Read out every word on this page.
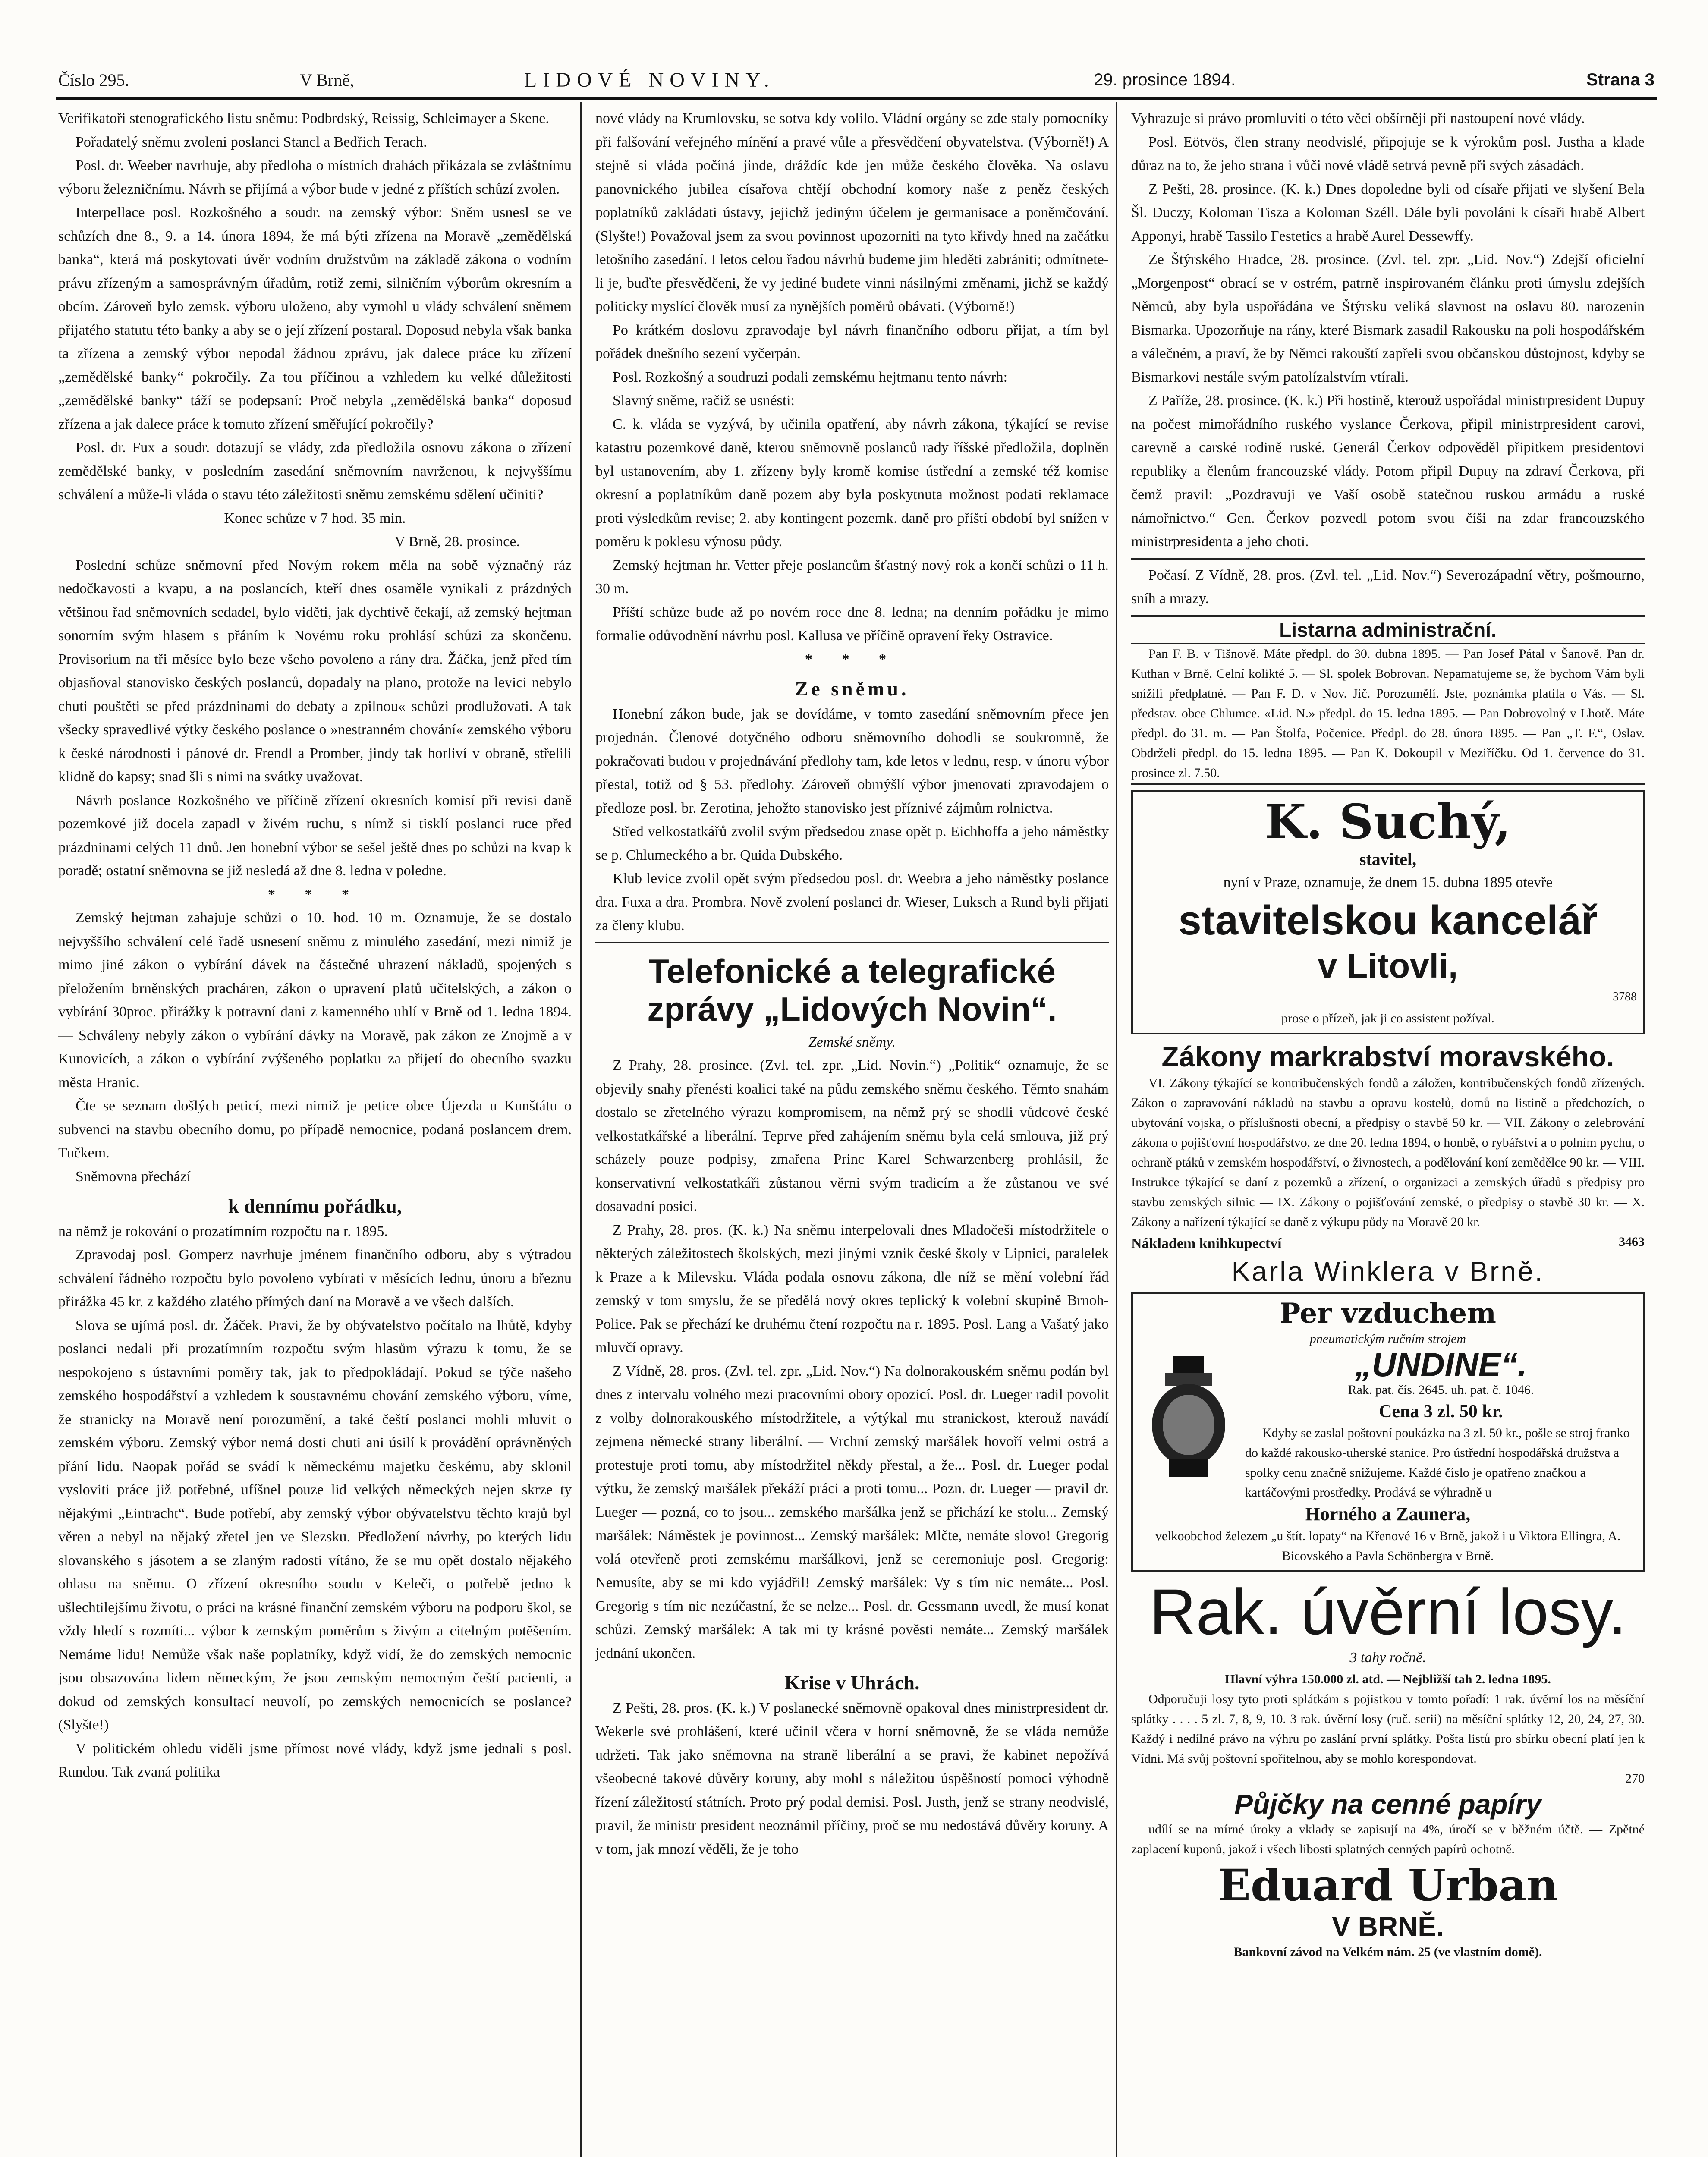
Číslo 295.	V Brně,	LIDOVÉ NOVINY.	29. prosince 1894.	Strana 3

Verifikatoři stenografického listu sněmu: Podbrdský, Reissig, Schleimayer a Skene.

Pořadatelý sněmu zvoleni poslanci Stancl a Bedřich Terach.

Posl. dr. Weeber navrhuje, aby předloha o místních drahách přikázala se zvláštnímu výboru železničnímu. Návrh se přijímá a výbor bude v jedné z příštích schůzí zvolen.

Interpellace posl. Rozkošného a soudr. na zemský výbor: Sněm usnesl se ve schůzích dne 8., 9. a 14. února 1894, že má býti zřízena na Moravě „zemědělská banka“, která má poskytovati úvěr vodním družstvům na základě zákona o vodním právu zřízeným a samosprávným úřadům, rotiž zemi, silničním výborům okresním a obcím. Zároveň bylo zemsk. výboru uloženo, aby vymohl u vlády schválení sněmem přijatého statutu této banky a aby se o její zřízení postaral. Doposud nebyla však banka ta zřízena a zemský výbor nepodal žádnou zprávu, jak dalece práce ku zřízení „zemědělské banky“ pokročily. Za tou příčinou a vzhledem ku velké důležitosti „zemědělské banky“ táží se podepsaní: Proč nebyla „zemědělská banka“ doposud zřízena a jak dalece práce k tomuto zřízení směřující pokročily?

Posl. dr. Fux a soudr. dotazují se vlády, zda předložila osnovu zákona o zřízení zemědělské banky, v posledním zasedání sněmovním navrženou, k nejvyššímu schválení a může-li vláda o stavu této záležitosti sněmu zemskému sdělení učiniti?

Konec schůze v 7 hod. 35 min.

V Brně, 28. prosince.

Poslední schůze sněmovní před Novým rokem měla na sobě význačný ráz nedočkavosti a kvapu, a na poslancích, kteří dnes osaměle vynikali z prázdných většinou řad sněmovních sedadel, bylo viděti, jak dychtivě čekají, až zemský hejtman sonorním svým hlasem s přáním k Novému roku prohlásí schůzi za skončenu. Provisorium na tři měsíce bylo beze všeho povoleno a rány dra. Žáčka, jenž před tím objasňoval stanovisko českých poslanců, dopadaly na plano, protože na levici nebylo chuti pouštěti se před prázdninami do debaty a zpilnou« schůzi prodlužovati. A tak všecky spravedlivé výtky českého poslance o »nestranném chování« zemského výboru k české národnosti i pánové dr. Frendl a Promber, jindy tak horliví v obraně, střelili klidně do kapsy; snad šli s nimi na svátky uvažovat.

Návrh poslance Rozkošného ve příčině zřízení okresních komisí při revisi daně pozemkové již docela zapadl v živém ruchu, s nímž si tisklí poslanci ruce před prázdninami celých 11 dnů. Jen honební výbor se sešel ještě dnes po schůzi na kvap k poradě; ostatní sněmovna se již nesledá až dne 8. ledna v poledne.

* * *

Zemský hejtman zahajuje schůzi o 10. hod. 10 m. Oznamuje, že se dostalo nejvyššího schválení celé řadě usnesení sněmu z minulého zasedání, mezi nimiž je mimo jiné zákon o vybírání dávek na částečné uhrazení nákladů, spojených s přeložením brněnských pracháren, zákon o upravení platů učitelských, a zákon o vybírání 30proc. přirážky k potravní dani z kamenného uhlí v Brně od 1. ledna 1894. — Schváleny nebyly zákon o vybírání dávky na Moravě, pak zákon ze Znojmě a v Kunovicích, a zákon o vybírání zvýšeného poplatku za přijetí do obecního svazku města Hranic.

Čte se seznam došlých peticí, mezi nimiž je petice obce Újezda u Kunštátu o subvenci na stavbu obecního domu, po případě nemocnice, podaná poslancem drem. Tučkem.

Sněmovna přechází

k dennímu pořádku,

na němž je rokování o prozatímním rozpočtu na r. 1895.

Zpravodaj posl. Gomperz navrhuje jménem finančního odboru, aby s výtradou schválení řádného rozpočtu bylo povoleno vybírati v měsících lednu, únoru a březnu přirážka 45 kr. z každého zlatého přímých daní na Moravě a ve všech dalších.

Slova se ujímá posl. dr. Žáček. Pravi, že by obývatelstvo počítalo na lhůtě, kdyby poslanci nedali při prozatímním rozpočtu svým hlasům výrazu k tomu, že se nespokojeno s ústavními poměry tak, jak to předpokládají. Pokud se týče našeho zemského hospodářství a vzhledem k soustavnému chování zemského výboru, víme, že stranicky na Moravě není porozumění, a také čeští poslanci mohli mluvit o zemském výboru. Zemský výbor nemá dosti chuti ani úsilí k provádění oprávněných přání lidu. Naopak pořád se svádí k německému majetku českému, aby sklonil vysloviti práce již potřebné, ufíšnel pouze lid velkých německých nejen skrze ty nějakými „Eintracht“. Bude potřebí, aby zemský výbor obývatelstvu těchto krajů byl věren a nebyl na nějaký zřetel jen ve Slezsku. Předložení návrhy, po kterých lidu slovanského s jásotem a se zlaným radosti vítáno, že se mu opět dostalo nějakého ohlasu na sněmu. O zřízení okresního soudu v Keleči, o potřebě jedno k ušlechtilejšímu životu, o práci na krásné finanční zemském výboru na podporu škol, se vždy hledí s rozmíti... výbor k zemským poměrům s živým a citelným potěšením. Nemáme lidu! Nemůže však naše poplatníky, když vidí, že do zemských nemocnic jsou obsazována lidem německým, že jsou zemským nemocným čeští pacienti, a dokud od zemských konsultací neuvolí, po zemských nemocnicích se poslance? (Slyšte!)

V politickém ohledu viděli jsme přímost nové vlády, když jsme jednali s posl. Rundou. Tak zvaná politika

nové vlády na Krumlovsku, se sotva kdy volilo. Vládní orgány se zde staly pomocníky při falšování veřejného mínění a pravé vůle a přesvědčení obyvatelstva. (Výborně!) A stejně si vláda počíná jinde, dráždíc kde jen může českého člověka. Na oslavu panovnického jubilea císařova chtějí obchodní komory naše z peněz českých poplatníků zakládati ústavy, jejichž jediným účelem je germanisace a poněmčování. (Slyšte!) Považoval jsem za svou povinnost upozorniti na tyto křivdy hned na začátku letošního zasedání. I letos celou řadou návrhů budeme jim hleděti zabrániti; odmítnete-li je, buďte přesvědčeni, že vy jediné budete vinni násilnými změnami, jichž se každý politicky myslící člověk musí za nynějších poměrů obávati. (Výborně!)

Po krátkém doslovu zpravodaje byl návrh finančního odboru přijat, a tím byl pořádek dnešního sezení vyčerpán.

Posl. Rozkošný a soudruzi podali zemskému hejtmanu tento návrh:

Slavný sněme, račiž se usnésti:

C. k. vláda se vyzývá, by učinila opatření, aby návrh zákona, týkající se revise katastru pozemkové daně, kterou sněmovně poslanců rady říšské předložila, doplněn byl ustanovením, aby 1. zřízeny byly kromě komise ústřední a zemské též komise okresní a poplatníkům daně pozem aby byla poskytnuta možnost podati reklamace proti výsledkům revise; 2. aby kontingent pozemk. daně pro příští období byl snížen v poměru k poklesu výnosu půdy.

Zemský hejtman hr. Vetter přeje poslancům šťastný nový rok a končí schůzi o 11 h. 30 m.

Příští schůze bude až po novém roce dne 8. ledna; na denním pořádku je mimo formalie odůvodnění návrhu posl. Kallusa ve příčině opravení řeky Ostravice.

* * *

Ze sněmu.

Honební zákon bude, jak se dovídáme, v tomto zasedání sněmovním přece jen projednán. Členové dotyčného odboru sněmovního dohodli se soukromně, že pokračovati budou v projednávání předlohy tam, kde letos v lednu, resp. v únoru výbor přestal, totiž od § 53. předlohy. Zároveň obmýšlí výbor jmenovati zpravodajem o předloze posl. br. Zerotina, jehožto stanovisko jest příznivé zájmům rolnictva.

Střed velkostatkářů zvolil svým předsedou znase opět p. Eichhoffa a jeho náměstky se p. Chlumeckého a br. Quida Dubského.

Klub levice zvolil opět svým předsedou posl. dr. Weebra a jeho náměstky poslance dra. Fuxa a dra. Prombra. Nově zvolení poslanci dr. Wieser, Luksch a Rund byli přijati za členy klubu.

Telefonické a telegrafické zprávy „Lidových Novin“.

Zemské sněmy.

Z Prahy, 28. prosince. (Zvl. tel. zpr. „Lid. Novin.“) „Politik“ oznamuje, že se objevily snahy přenésti koalici také na půdu zemského sněmu českého. Těmto snahám dostalo se zřetelného výrazu kompromisem, na němž prý se shodli vůdcové české velkostatkářské a liberální. Teprve před zahájením sněmu byla celá smlouva, již prý scházely pouze podpisy, zmařena Princ Karel Schwarzenberg prohlásil, že konservativní velkostatkáři zůstanou věrni svým tradicím a že zůstanou ve své dosavadní posici.

Z Prahy, 28. pros. (K. k.) Na sněmu interpelovali dnes Mladočeši místodržitele o některých záležitostech školských, mezi jinými vznik české školy v Lipnici, paralelek k Praze a k Milevsku. Vláda podala osnovu zákona, dle níž se mění volební řád zemský v tom smyslu, že se předělá nový okres teplický k volební skupině Brnoh-Police. Pak se přechází ke druhému čtení rozpočtu na r. 1895. Posl. Lang a Vašatý jako mluvčí opravy.

Z Vídně, 28. pros. (Zvl. tel. zpr. „Lid. Nov.“) Na dolnorakouském sněmu podán byl dnes z intervalu volného mezi pracovními obory opozicí. Posl. dr. Lueger radil povolit z volby dolnorakouského místodržitele, a výtýkal mu stranickost, kterouž navádí zejmena německé strany liberální. — Vrchní zemský maršálek hovoří velmi ostrá a protestuje proti tomu, aby místodržitel někdy přestal, a že... Posl. dr. Lueger podal výtku, že zemský maršálek překáží práci a proti tomu... Pozn. dr. Lueger — pravil dr. Lueger — pozná, co to jsou... zemského maršálka jenž se přichází ke stolu... Zemský maršálek: Náměstek je povinnost... Zemský maršálek: Mlčte, nemáte slovo! Gregorig volá otevřeně proti zemskému maršálkovi, jenž se ceremoniuje posl. Gregorig: Nemusíte, aby se mi kdo vyjádřil! Zemský maršálek: Vy s tím nic nemáte... Posl. Gregorig s tím nic nezúčastní, že se nelze... Posl. dr. Gessmann uvedl, že musí konat schůzi. Zemský maršálek: A tak mi ty krásné pověsti nemáte... Zemský maršálek jednání ukončen.

Krise v Uhrách.

Z Pešti, 28. pros. (K. k.) V poslanecké sněmovně opakoval dnes ministrpresident dr. Wekerle své prohlášení, které učinil včera v horní sněmovně, že se vláda nemůže udržeti. Tak jako sněmovna na straně liberální a se pravi, že kabinet nepožívá všeobecné takové důvěry koruny, aby mohl s náležitou úspěšností pomoci výhodně řízení záležitostí státních. Proto prý podal demisi. Posl. Justh, jenž se strany neodvislé, pravil, že ministr president neoznámil příčiny, proč se mu nedostává důvěry koruny. A v tom, jak mnozí věděli, že je toho

Vyhrazuje si právo promluviti o této věci obšírněji při nastoupení nové vlády.

Posl. Eötvös, člen strany neodvislé, připojuje se k výrokům posl. Justha a klade důraz na to, že jeho strana i vůči nové vládě setrvá pevně při svých zásadách.

Z Pešti, 28. prosince. (K. k.) Dnes dopoledne byli od císaře přijati ve slyšení Bela Šl. Duczy, Koloman Tisza a Koloman Széll. Dále byli povoláni k císaři hrabě Albert Apponyi, hrabě Tassilo Festetics a hrabě Aurel Dessewffy.

Ze Štýrského Hradce, 28. prosince. (Zvl. tel. zpr. „Lid. Nov.“) Zdejší oficielní „Morgenpost“ obrací se v ostrém, patrně inspirovaném článku proti úmyslu zdejších Němců, aby byla uspořádána ve Štýrsku veliká slavnost na oslavu 80. narozenin Bismarka. Upozorňuje na rány, které Bismark zasadil Rakousku na poli hospodářském a válečném, a praví, že by Němci rakouští zapřeli svou občanskou důstojnost, kdyby se Bismarkovi nestále svým patolízalstvím vtírali.

Z Paříže, 28. prosince. (K. k.) Při hostině, kterouž uspořádal ministrpresident Dupuy na počest mimořádního ruského vyslance Čerkova, připil ministrpresident carovi, carevně a carské rodině ruské. Generál Čerkov odpověděl připitkem presidentovi republiky a členům francouzské vlády. Potom připil Dupuy na zdraví Čerkova, při čemž pravil: „Pozdravuji ve Vaší osobě statečnou ruskou armádu a ruské námořnictvo.“ Gen. Čerkov pozvedl potom svou číši na zdar francouzského ministrpresidenta a jeho choti.

Počasí. Z Vídně, 28. pros. (Zvl. tel. „Lid. Nov.“) Severozápadní větry, pošmourno, sníh a mrazy.

Listarna administrační.

Pan F. B. v Tišnově. Máte předpl. do 30. dubna 1895. — Pan Josef Pátal v Šanově. Pan dr. Kuthan v Brně, Celní kolikté 5. — Sl. spolek Bobrovan. Nepamatujeme se, že bychom Vám byli snížili předplatné. — Pan F. D. v Nov. Jič. Porozumělí. Jste, poznámka platila o Vás. — Sl. představ. obce Chlumce. «Lid. N.» předpl. do 15. ledna 1895. — Pan Dobrovolný v Lhotě. Máte předpl. do 31. m. — Pan Štolfa, Počenice. Předpl. do 28. února 1895. — Pan „T. F.“, Oslav. Obdrželi předpl. do 15. ledna 1895. — Pan K. Dokoupil v Meziříčku. Od 1. července do 31. prosince zl. 7.50.

K. Suchý,
stavitel,
nyní v Praze, oznamuje, že dnem 15. dubna 1895 otevře
stavitelskou kancelář
v Litovli,
3788
prose o přízeň, jak ji co assistent požíval.
Zákony markrabství moravského.

VI. Zákony týkající se kontribučenských fondů a záložen, kontribučenských fondů zřízených. Zákon o zapravování nákladů na stavbu a opravu kostelů, domů na listině a předchozích, o ubytování vojska, o příslušnosti obecní, a předpisy o stavbě 50 kr. — VII. Zákony o zelebrování zákona o pojišťovní hospodářstvo, ze dne 20. ledna 1894, o honbě, o rybářství a o polním pychu, o ochraně ptáků v zemském hospodářství, o živnostech, a podělování koní zemědělce 90 kr. — VIII. Instrukce týkající se daní z pozemků a zřízení, o organizaci a zemských úřadů s předpisy pro stavbu zemských silnic — IX. Zákony o pojišťování zemské, o předpisy o stavbě 30 kr. — X. Zákony a nařízení týkající se daně z výkupu půdy na Moravě 20 kr.

Nákladem knihkupectví	3463
Karla Winklera v Brně.
Per vzduchem
pneumatickým ručním strojem
„UNDINE“.
Rak. pat. čís. 2645. uh. pat. č. 1046.
Cena 3 zl. 50 kr.

Kdyby se zaslal poštovní poukázka na 3 zl. 50 kr., pošle se stroj franko do každé rakousko-uherské stanice. Pro ústřední hospodářská družstva a spolky cenu značně snižujeme. Každé číslo je opatřeno značkou a kartáčovými prostředky. Prodává se výhradně u

Horného a Zaunera,

velkoobchod železem „u štít. lopaty“ na Křenové 16 v Brně, jakož i u Viktora Ellingra, A. Bicovského a Pavla Schönbergra v Brně.

Rak. úvěrní losy.
3 tahy ročně.
Hlavní výhra 150.000 zl. atd. — Nejbližší tah 2. ledna 1895.

Odporučuji losy tyto proti splátkám s pojistkou v tomto pořadí: 1 rak. úvěrní los na měsíční splátky . . . . 5 zl. 7, 8, 9, 10. 3 rak. úvěrní losy (ruč. serii) na měsíční splátky 12, 20, 24, 27, 30. Každý i nedílné právo na výhru po zaslání první splátky. Pošta listů pro sbírku obecní platí jen k Vídni. Má svůj poštovní spořitelnou, aby se mohlo korespondovat.

270
Půjčky na cenné papíry

udílí se na mírné úroky a vklady se zapisují na 4%, úročí se v běžném účtě. — Zpětné zaplacení kuponů, jakož i všech libosti splatných cenných papírů ochotně.

Eduard Urban
V BRNĚ.
Bankovní závod na Velkém nám. 25 (ve vlastním domě).
